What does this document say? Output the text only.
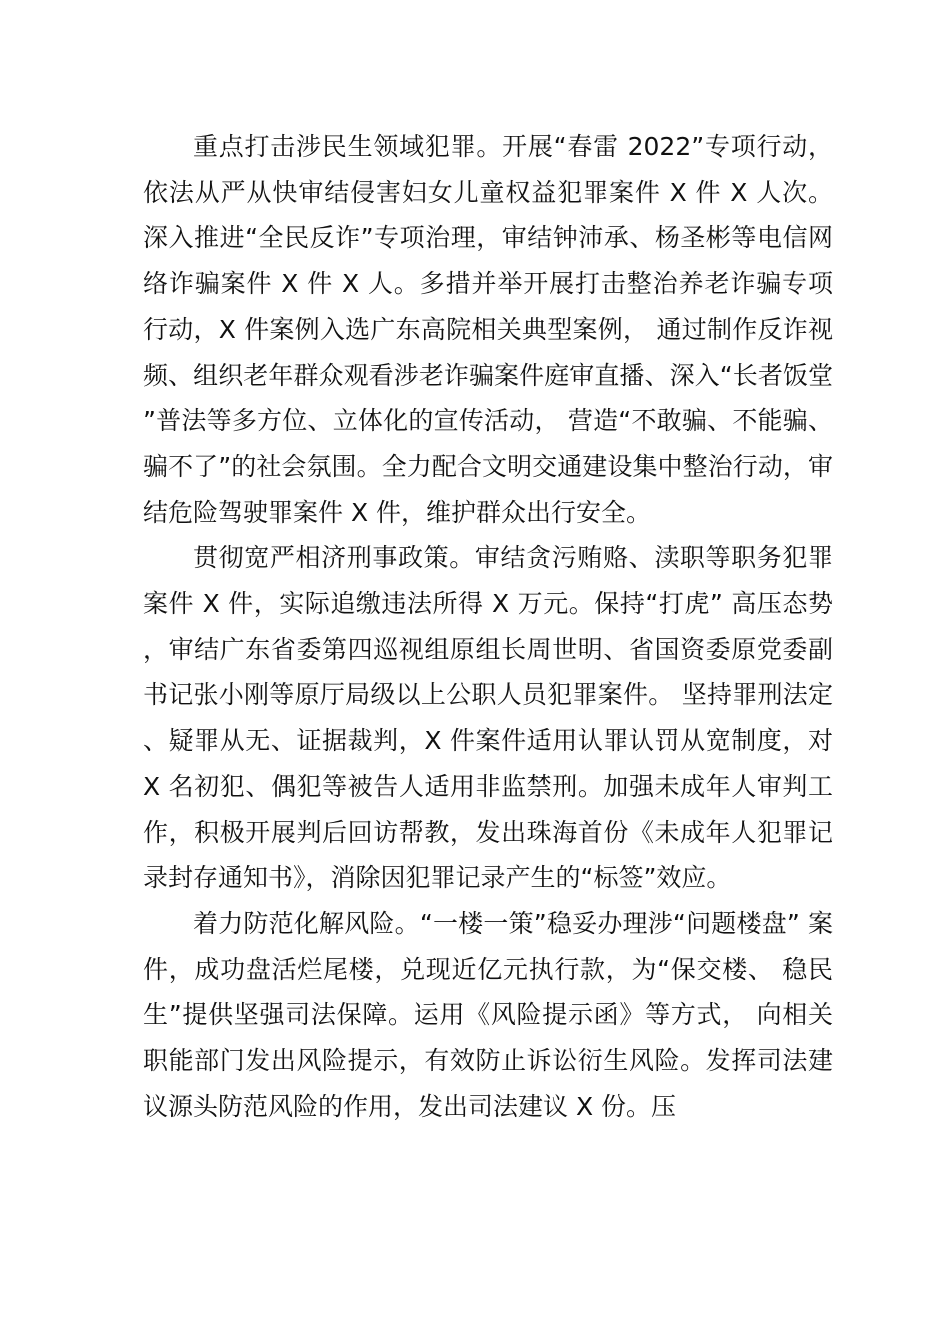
重点打击涉民生领域犯罪。开展“春雷 2022”专项行动，依法从严从快审结侵害妇女儿童权益犯罪案件 X 件 X 人次。深入推进“全民反诈”专项治理，审结钟沛承、杨圣彬等电信网络诈骗案件 X 件 X 人。多措并举开展打击整治养老诈骗专项行动，X 件案例入选广东高院相关典型案例， 通过制作反诈视频、组织老年群众观看涉老诈骗案件庭审直播、深入“长者饭堂”普法等多方位、立体化的宣传活动， 营造“不敢骗、不能骗、骗不了”的社会氛围。全力配合文明交通建设集中整治行动，审结危险驾驶罪案件 X 件，维护群众出行安全。

贯彻宽严相济刑事政策。审结贪污贿赂、渎职等职务犯罪案件 X 件，实际追缴违法所得 X 万元。保持“打虎” 高压态势，审结广东省委第四巡视组原组长周世明、省国资委原党委副书记张小刚等原厅局级以上公职人员犯罪案件。 坚持罪刑法定、疑罪从无、证据裁判，X 件案件适用认罪认罚从宽制度，对 X 名初犯、偶犯等被告人适用非监禁刑。加强未成年人审判工作，积极开展判后回访帮教，发出珠海首份《未成年人犯罪记录封存通知书》，消除因犯罪记录产生的“标签”效应。

着力防范化解风险。“一楼一策”稳妥办理涉“问题楼盘” 案件，成功盘活烂尾楼，兑现近亿元执行款，为“保交楼、 稳民生”提供坚强司法保障。运用《风险提示函》等方式， 向相关职能部门发出风险提示，有效防止诉讼衍生风险。发挥司法建议源头防范风险的作用，发出司法建议 X 份。压
